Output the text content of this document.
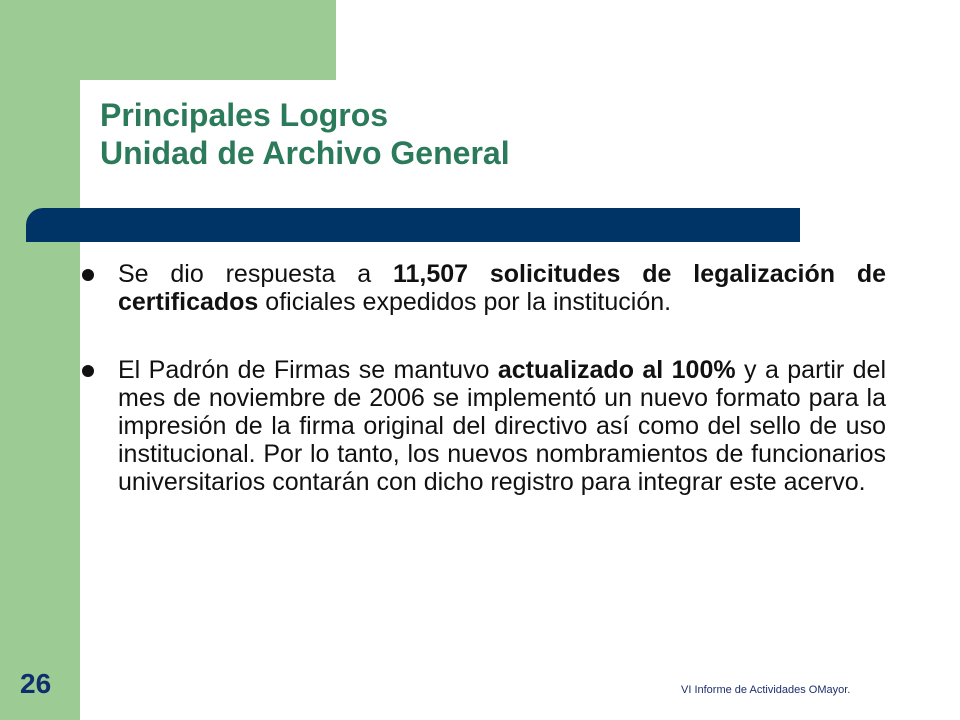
Principales Logros
Unidad de Archivo General

Se dio respuesta a 11,507 solicitudes de legalización de certificados oficiales expedidos por la institución.

El Padrón de Firmas se mantuvo actualizado al 100% y a partir del mes de noviembre de 2006 se implementó un nuevo formato para la impresión de la firma original del directivo así como del sello de uso institucional. Por lo tanto, los nuevos nombramientos de funcionarios universitarios contarán con dicho registro para integrar este acervo.

26	VI Informe de Actividades OMayor.
